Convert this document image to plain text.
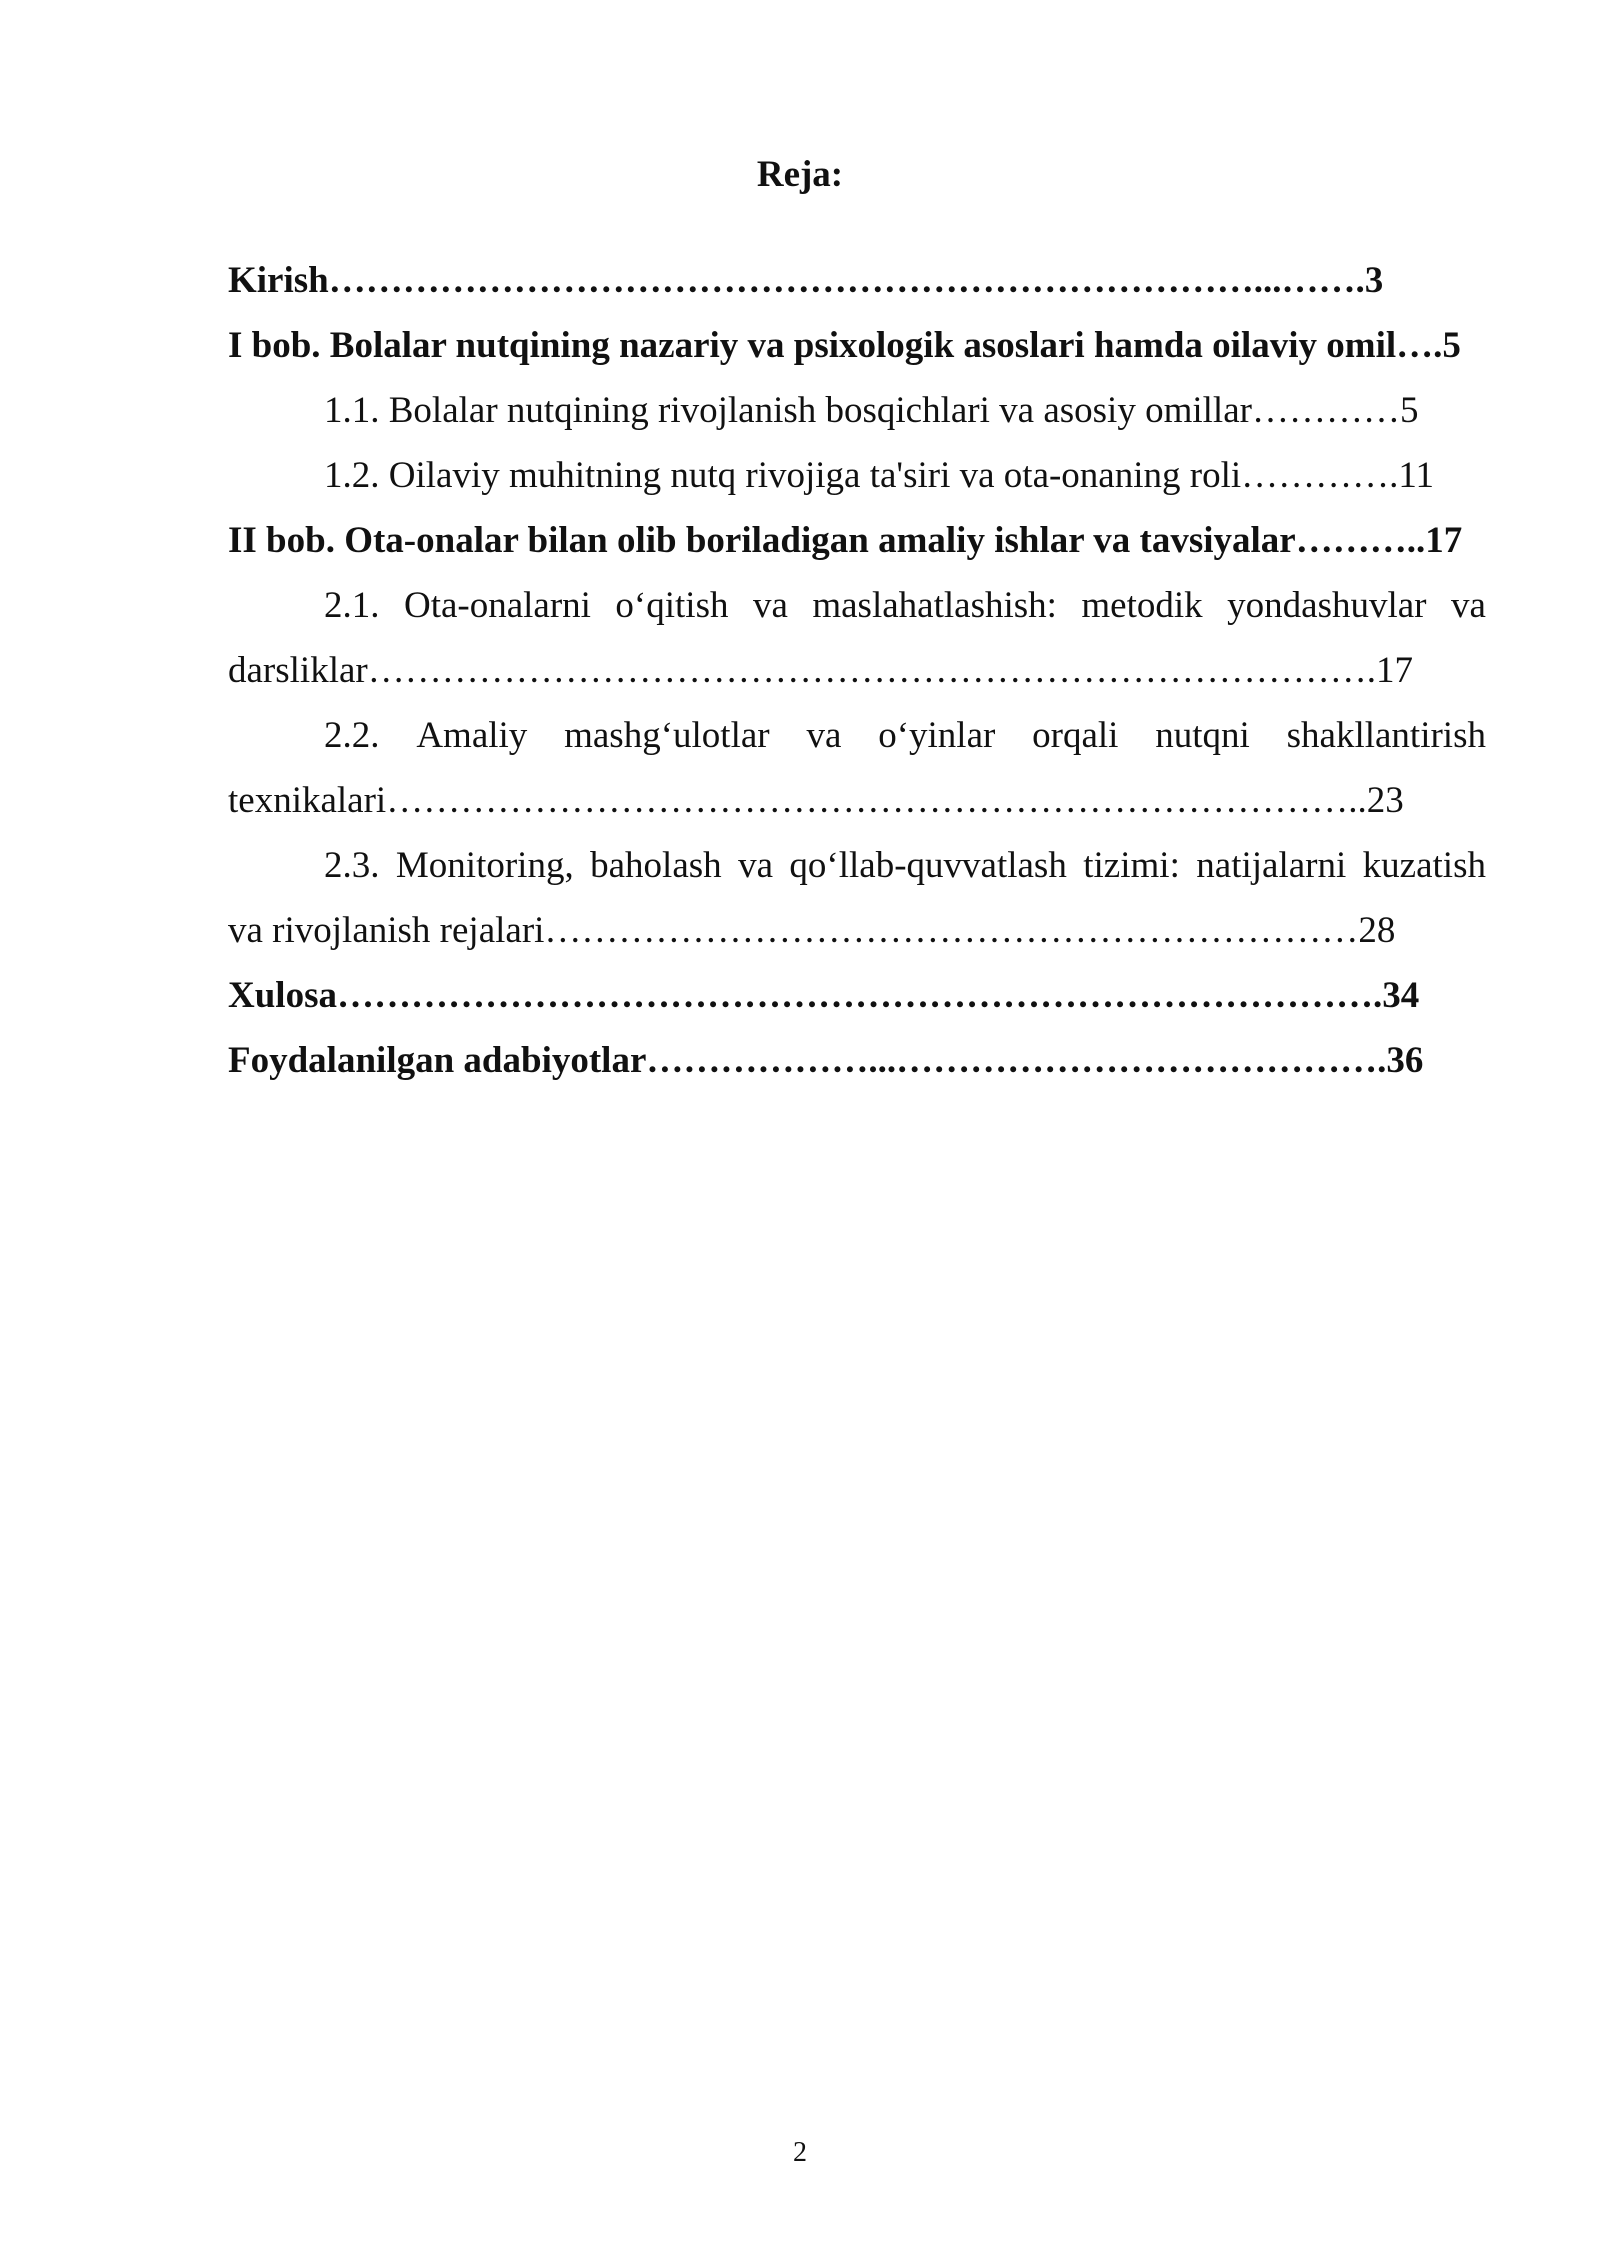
Reja:
Kirish…………………………………………………………………...…….3
I bob. Bolalar nutqining nazariy va psixologik asoslari hamda oilaviy omil….5
1.1. Bolalar nutqining rivojlanish bosqichlari va asosiy omillar…………5
1.2. Oilaviy muhitning nutq rivojiga ta'siri va ota-onaning roli………….11
II bob. Ota-onalar bilan olib boriladigan amaliy ishlar va tavsiyalar………..17
2.1. Ota-onalarni o‘qitish va maslahatlashish: metodik yondashuvlar va
darsliklar……………………………………………………………………….17
2.2. Amaliy mashg‘ulotlar va o‘yinlar orqali nutqni shakllantirish
texnikalari……………………………………………………………………..23
2.3. Monitoring, baholash va qo‘llab-quvvatlash tizimi: natijalarni kuzatish
va rivojlanish rejalari…………………………………………………………28
Xulosa………………………………………………………………………….34
Foydalanilgan adabiyotlar………………...………………………………….36
2
